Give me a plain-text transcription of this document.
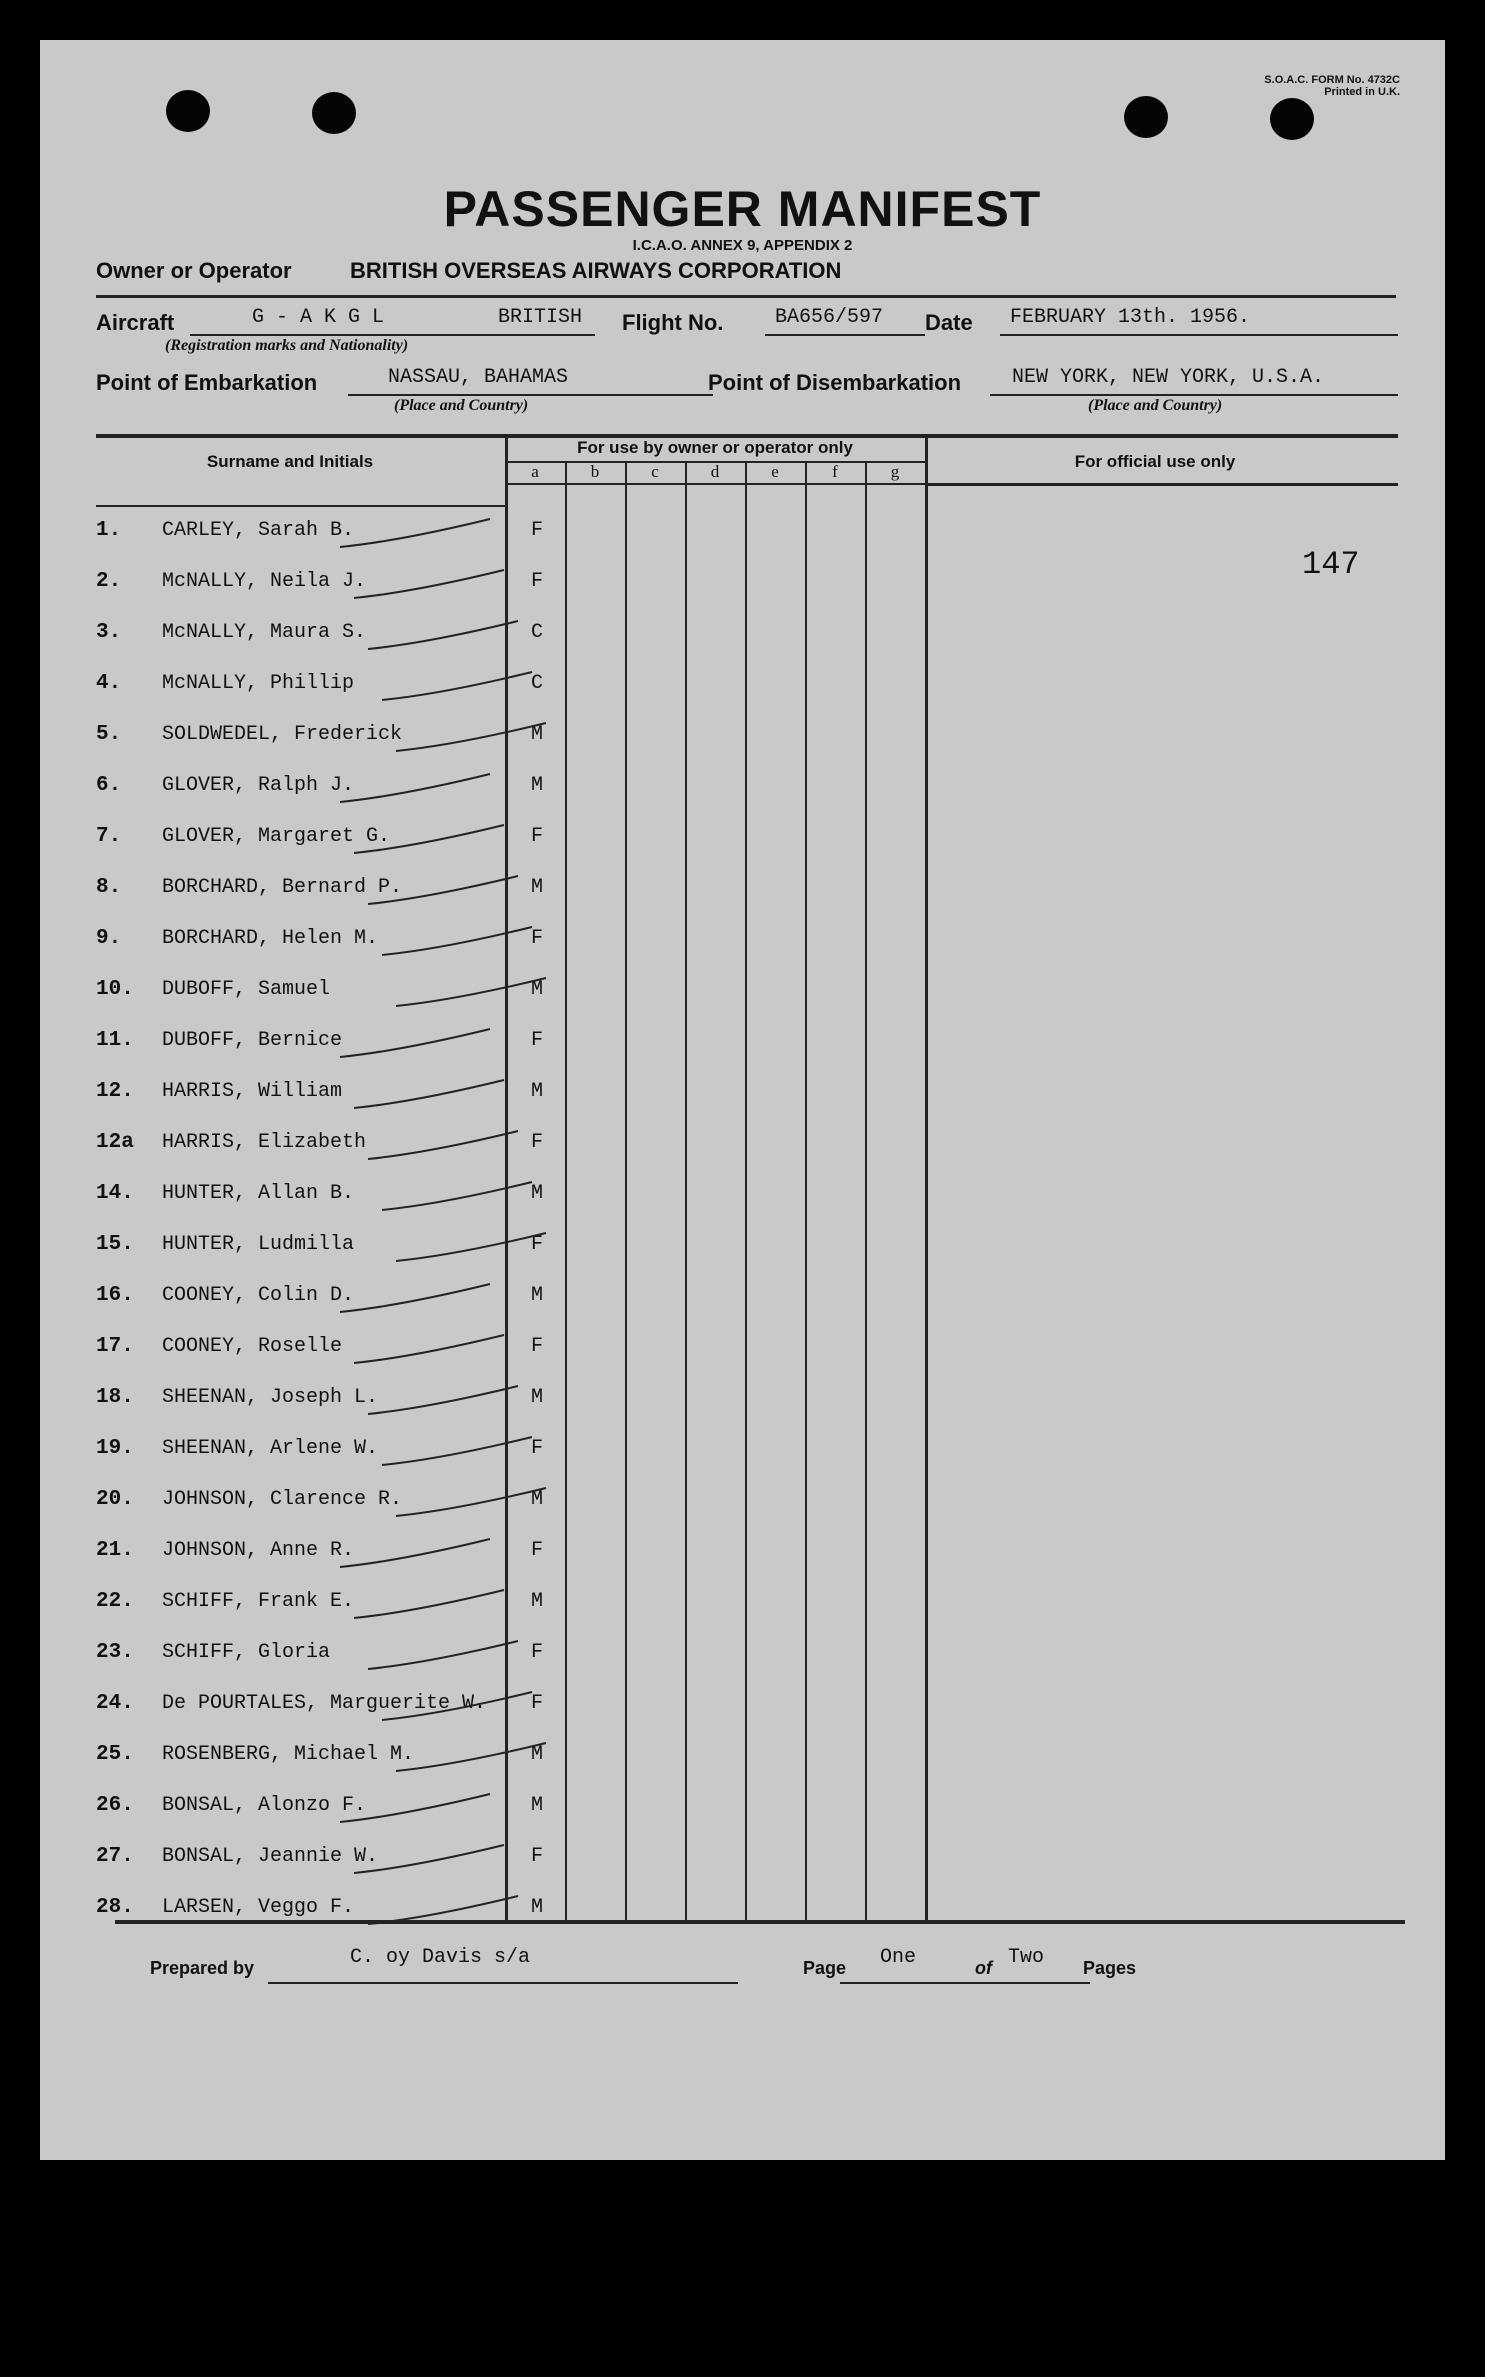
S.O.A.C. FORM No. 4732C
Printed in U.K.
PASSENGER MANIFEST
I.C.A.O. ANNEX 9, APPENDIX 2
Owner or Operator	BRITISH OVERSEAS AIRWAYS CORPORATION
Aircraft	G - A K G L	BRITISH
(Registration marks and Nationality)
Flight No.	BA656/597 Date FEBRUARY 13th. 1956.
Point of Embarkation	NASSAU, BAHAMAS
(Place and Country)
Point of Disembarkation	NEW YORK, NEW YORK, U.S.A.
(Place and Country)
Surname and Initials
For use by owner or operator only
For official use only
a	b	c	d	e	f	g
147
1. CARLEY, Sarah B.	F
2. McNALLY, Neila J.	F
3. McNALLY, Maura S.	C
4. McNALLY, Phillip	C
5. SOLDWEDEL, Frederick	M
6. GLOVER, Ralph J.	M
7. GLOVER, Margaret G.	F
8. BORCHARD, Bernard P.	M
9. BORCHARD, Helen M.	F
10. DUBOFF, Samuel	M
11. DUBOFF, Bernice	F
12. HARRIS, William	M
12a HARRIS, Elizabeth	F
14. HUNTER, Allan B.	M
15. HUNTER, Ludmilla	F
16. COONEY, Colin D.	M
17. COONEY, Roselle	F
18. SHEENAN, Joseph L.	M
19. SHEENAN, Arlene W.	F
20. JOHNSON, Clarence R.	M
21. JOHNSON, Anne R.	F
22. SCHIFF, Frank E.	M
23. SCHIFF, Gloria	F
24. De POURTALES, Marguerite W.	F
25. ROSENBERG, Michael M.	M
26. BONSAL, Alonzo F.	M
27. BONSAL, Jeannie W.	F
28. LARSEN, Veggo F.	M
Prepared by	C. oy Davis s/a	Page One	of Two Pages
